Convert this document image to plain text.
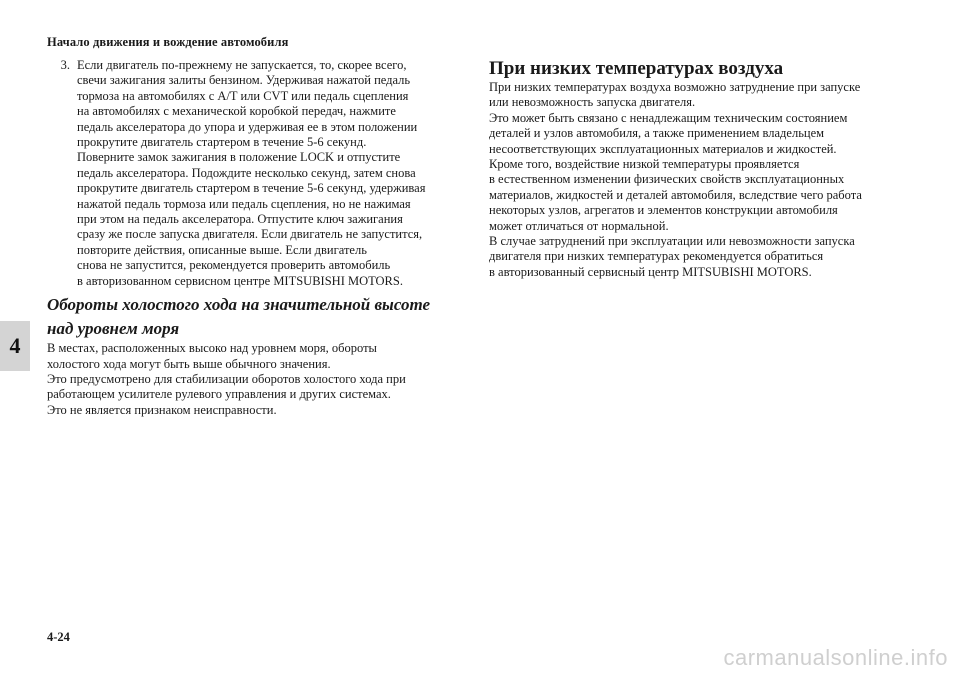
Начало движения и вождение автомобиля
4
3. Если двигатель по-прежнему не запускается, то, скорее всего,
свечи зажигания залиты бензином. Удерживая нажатой педаль
тормоза на автомобилях с A/T или CVT или педаль сцепления
на автомобилях с механической коробкой передач, нажмите
педаль акселератора до упора и удерживая ее в этом положении
прокрутите двигатель стартером в течение 5-6 секунд.
Поверните замок зажигания в положение LOCK и отпустите
педаль акселератора. Подождите несколько секунд, затем снова
прокрутите двигатель стартером в течение 5-6 секунд, удерживая
нажатой педаль тормоза или педаль сцепления, но не нажимая
при этом на педаль акселератора. Отпустите ключ зажигания
сразу же после запуска двигателя. Если двигатель не запустится,
повторите действия, описанные выше. Если двигатель
снова не запустится, рекомендуется проверить автомобиль
в авторизованном сервисном центре MITSUBISHI MOTORS.
Обороты холостого хода на значительной высоте
над уровнем моря
В местах, расположенных высоко над уровнем моря, обороты
холостого хода могут быть выше обычного значения.
Это предусмотрено для стабилизации оборотов холостого хода при
работающем усилителе рулевого управления и других системах.
Это не является признаком неисправности.
При низких температурах воздуха
При низких температурах воздуха возможно затруднение при запуске
или невозможность запуска двигателя.
Это может быть связано с ненадлежащим техническим состоянием
деталей и узлов автомобиля, а также применением владельцем
несоответствующих эксплуатационных материалов и жидкостей.
Кроме того, воздействие низкой температуры проявляется
в естественном изменении физических свойств эксплуатационных
материалов, жидкостей и деталей автомобиля, вследствие чего работа
некоторых узлов, агрегатов и элементов конструкции автомобиля
может отличаться от нормальной.
В случае затруднений при эксплуатации или невозможности запуска
двигателя при низких температурах рекомендуется обратиться
в авторизованный сервисный центр MITSUBISHI MOTORS.
4-24
carmanualsonline.info
